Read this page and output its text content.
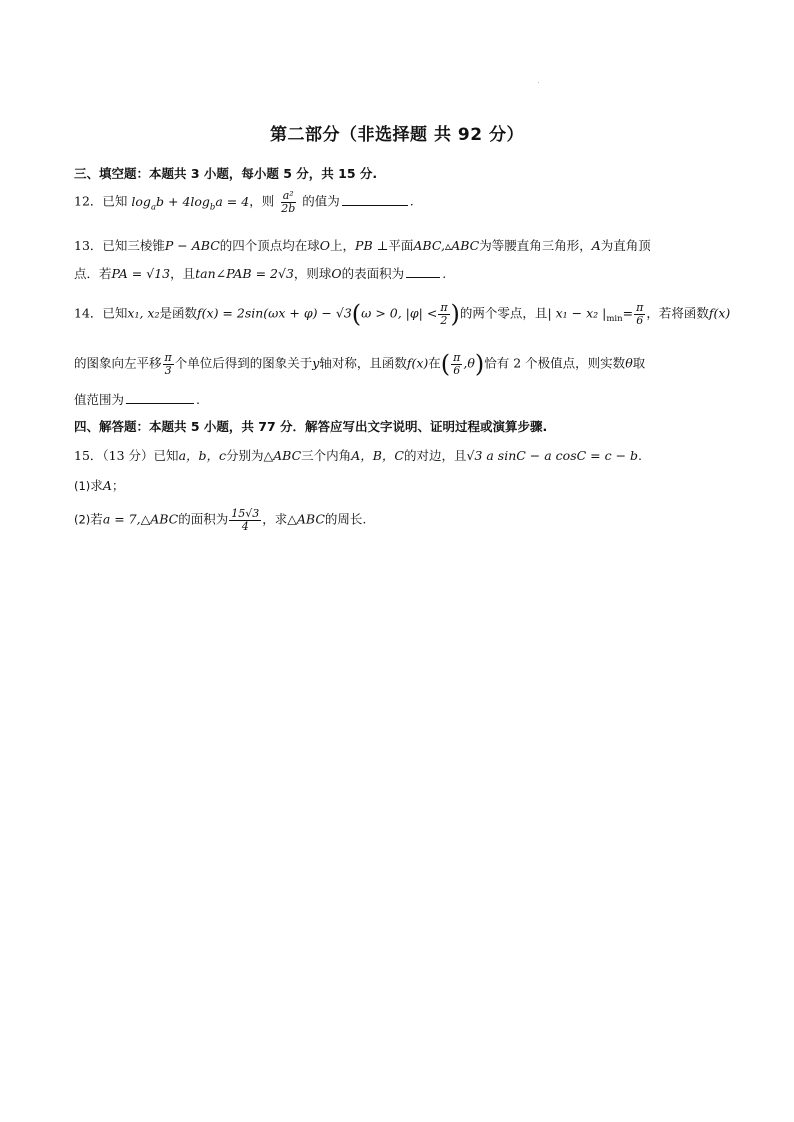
第二部分（非选择题 共 92 分）
三、填空题：本题共 3 小题，每小题 5 分，共 15 分.
12．已知 $\log_ab + 4\log_ba = 4$，则 $\frac{\text{a²}}{2b}$ 的值为	.
13．已知三棱锥P − ABC的四个顶点均在球O上，PB ⊥平面ABC,▵ABC为等腰直角三角形，A为直角顶
点．若PA = √13，且tan∠PAB = 2√3，则球O的表面积为	.
14．已知x₁, x₂是函数f(x) = 2sin(ωx + φ) − √3(ω > 0, $|\varphi| < \frac{\pi}{2}$ )的两个零点，且| x₁ − x₂ $|_{min}= \frac{\pi}{6}$ ，若将函数f(x)
的图象向左平移 $\frac{\pi}{3}$ 个单位后得到的图象关于y轴对称，且函数f(x)在( $\frac{\pi}{6} ,\theta$)恰有 2 个极值点，则实数θ取
值范围为	.
四、解答题：本题共 5 小题，共 77 分．解答应写出文字说明、证明过程或演算步骤.
15．（13 分）已知a，b，c分别为△ABC三个内角A，B，C的对边，且√3 a sinC − a cosC = c − b.
(1)求A；
(2)若a = 7,△ABC的面积为 $\frac{15√3}{4}$ ，求△ABC的周长.
